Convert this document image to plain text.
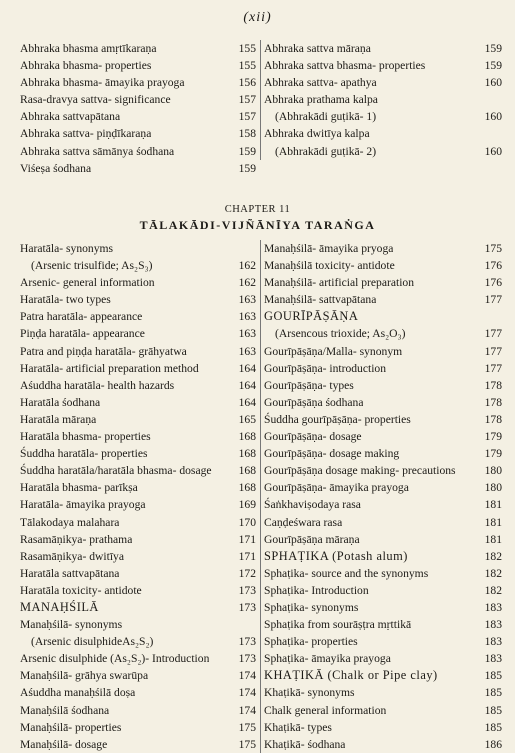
(xii)
Abhraka bhasma amṛtīkaraṇa	155
Abhraka bhasma- properties	155
Abhraka bhasma- āmayika prayoga	156
Rasa-dravya sattva- significance	157
Abhraka sattvapātana	157
Abhraka sattva- piṇḍīkaraṇa	158
Abhraka sattva sāmānya śodhana	159
Viśeṣa śodhana	159
Abhraka sattva māraṇa	159
Abhraka sattva bhasma- properties	159
Abhraka sattva- apathya	160
Abhraka prathama kalpa
(Abhrakādi guṭikā- 1)	160
Abhraka dwitīya kalpa
(Abhrakādi guṭikā- 2)	160
CHAPTER 11
TĀLAKĀDI-VIJÑĀNĪYA TARAṄGA
Haratāla- synonyms
(Arsenic trisulfide; As₂S₃)	162
Arsenic- general information	162
Haratāla- two types	163
Patra haratāla- appearance	163
Piṇḍa haratāla- appearance	163
Patra and piṇḍa haratāla- grāhyatwa	163
Haratāla- artificial preparation method	164
Aśuddha haratāla- health hazards	164
Haratāla śodhana	164
Haratāla māraṇa	165
Haratāla bhasma- properties	168
Śuddha haratāla- properties	168
Śuddha haratāla/haratāla bhasma- dosage	168
Haratāla bhasma- parīkṣa	168
Haratāla- āmayika prayoga	169
Tālakodaya malahara	170
Rasamāṇikya- prathama	171
Rasamāṇikya- dwitīya	171
Haratāla sattvapātana	172
Haratāla toxicity- antidote	173
MANAḤŚILĀ	173
Manaḥśilā- synonyms
(Arsenic disulphideAs₂S₂)	173
Arsenic disulphide (As₂S₂)- Introduction	173
Manaḥśilā- grāhya swarūpa	174
Aśuddha manaḥśilā doṣa	174
Manaḥśilā śodhana	174
Manaḥśilā- properties	175
Manaḥśilā- dosage	175
Manaḥśilā- āmayika pryoga	175
Manaḥśilā toxicity- antidote	176
Manaḥśilā- artificial preparation	176
Manaḥśilā- sattvapātana	177
GOURĪPĀṢĀṆA
(Arsencous trioxide; As₂O₃)	177
Gourīpāṣāṇa/Malla- synonym	177
Gourīpāṣāṇa- introduction	177
Gourīpāṣāṇa- types	178
Gourīpāṣāṇa śodhana	178
Śuddha gourīpāṣāṇa- properties	178
Gourīpāṣāṇa- dosage	179
Gourīpāṣāṇa- dosage making	179
Gourīpāṣāṇa dosage making- precautions	180
Gourīpāṣāṇa- āmayika prayoga	180
Śaṅkhaviṣodaya rasa	181
Caṇḍeśwara rasa	181
Gourīpāṣāṇa māraṇa	181
SPHAṬIKA (Potash alum)	182
Sphaṭika- source and the synonyms	182
Sphaṭika- Introduction	182
Sphaṭika- synonyms	183
Sphaṭika from sourāṣṭra mṛttikā	183
Sphaṭika- properties	183
Sphaṭika- āmayika prayoga	183
KHAṬIKĀ (Chalk or Pipe clay)	185
Khaṭikā- synonyms	185
Chalk general information	185
Khaṭikā- types	185
Khaṭikā- śodhana	186
